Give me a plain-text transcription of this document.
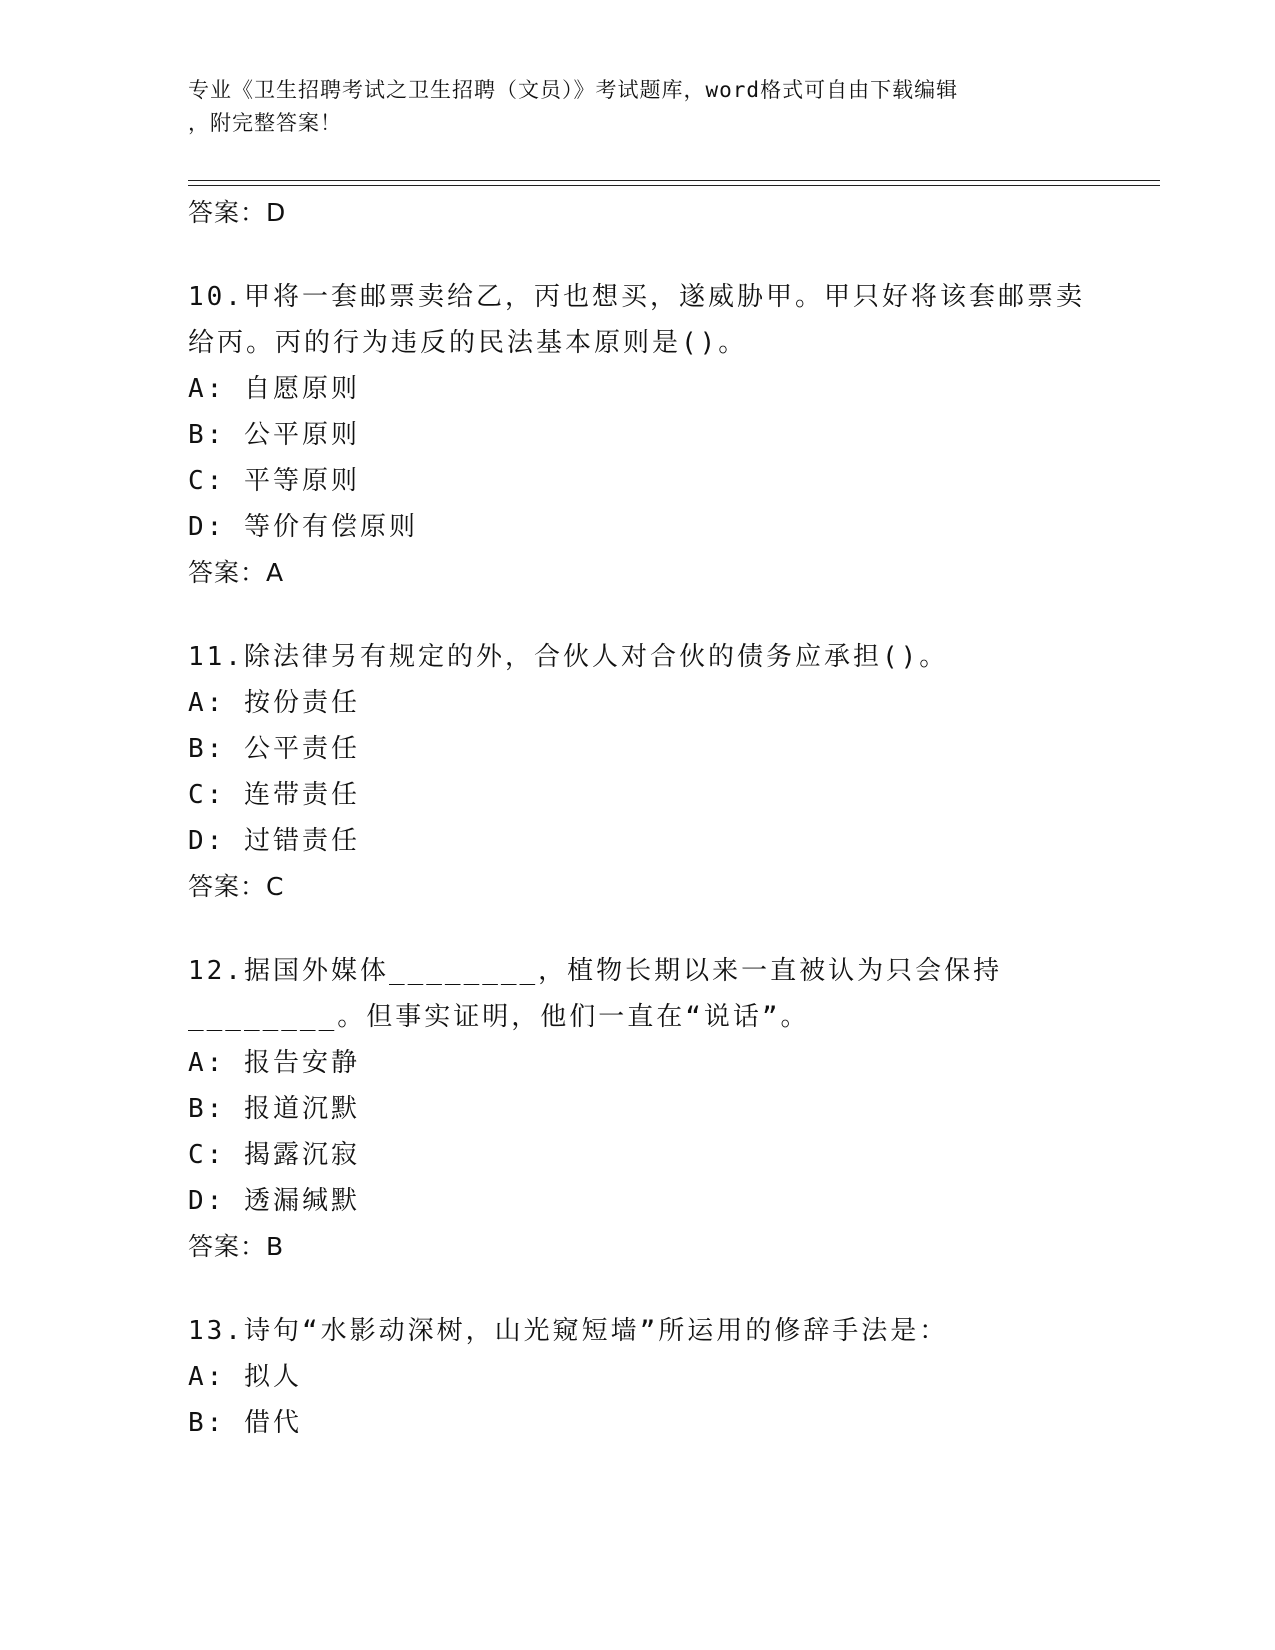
专业《卫生招聘考试之卫生招聘（文员）》考试题库，word格式可自由下载编辑
，附完整答案！
答案：D
10.甲将一套邮票卖给乙，丙也想买，遂威胁甲。甲只好将该套邮票卖给丙。丙的行为违反的民法基本原则是()。
A: 自愿原则
B: 公平原则
C: 平等原则
D: 等价有偿原则
答案：A
11.除法律另有规定的外，合伙人对合伙的债务应承担()。
A: 按份责任
B: 公平责任
C: 连带责任
D: 过错责任
答案：C
12.据国外媒体________，植物长期以来一直被认为只会保持________。但事实证明，他们一直在“说话”。
A: 报告安静
B: 报道沉默
C: 揭露沉寂
D: 透漏缄默
答案：B
13.诗句“水影动深树，山光窥短墙”所运用的修辞手法是：
A: 拟人
B: 借代
